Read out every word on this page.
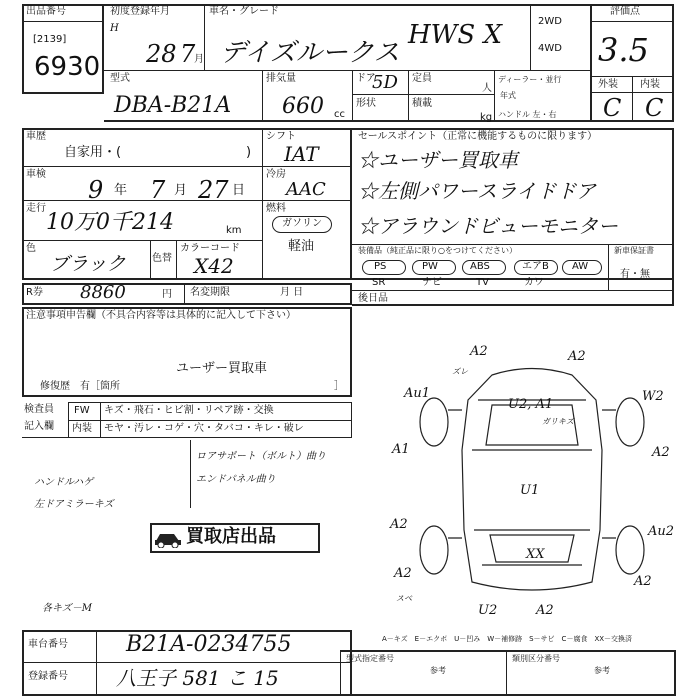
出品番号
[2139]
6930
初度登録年月
H
28 7
月
車名・グレード
デイズルークス
HWS X	2WD
4WD
評価点
3.5
外装 内装
C C
型式
DBA-B21A
排気量
660 cc
ドア
5D 定員
人
形状	積載
kg
ディーラー・並行
年式
ハンドル 左・右
車歴
自家用・(	)
車検
9 年 7 月 27 日
走行
10万0千214	km
色
ブラック	色替
カラーコード
X42
シフト
IAT
冷房
AAC
燃料
ガソリン
軽油
R券 8860	円 名変期限	月 日
注意事項申告欄（不具合内容等は具体的に記入して下さい）
ユーザー買取車
修復歴　有［箇所	］
セールスポイント（正常に機能するものに限ります）
☆ユーザー買取車
☆左側パワースライドドア
☆アラウンドビューモニター
装備品（純正品に限り○をつけてください）	新車保証書
有・無
PS	PW	ABS	エアB AW
SR	ナビ	TV	カワ
後日品
検査員
記入欄
FW キズ・飛石・ヒビ割・リペア跡・交換
内装 モヤ・汚レ・コゲ・穴・タバコ・キレ・破レ
ロアサポート（ボルト）曲り
エンドパネル曲り
ハンドルハゲ
左ドアミラーキズ
買取店出品
各キズ－M
A2
ズレ
A2
Au1	W2
U2, A1
ガリキズ
A1	A2
U1
A2	Au2
XX
A2
A2
スベ
U2	A2
A－キズ　E－エクボ　U－凹み　W－補修跡　S－サビ　C－腐食　XX－交換済
車台番号	B21A-0234755
登録番号 八王子 581 こ 15
型式指定番号
参考
類別区分番号
参考
